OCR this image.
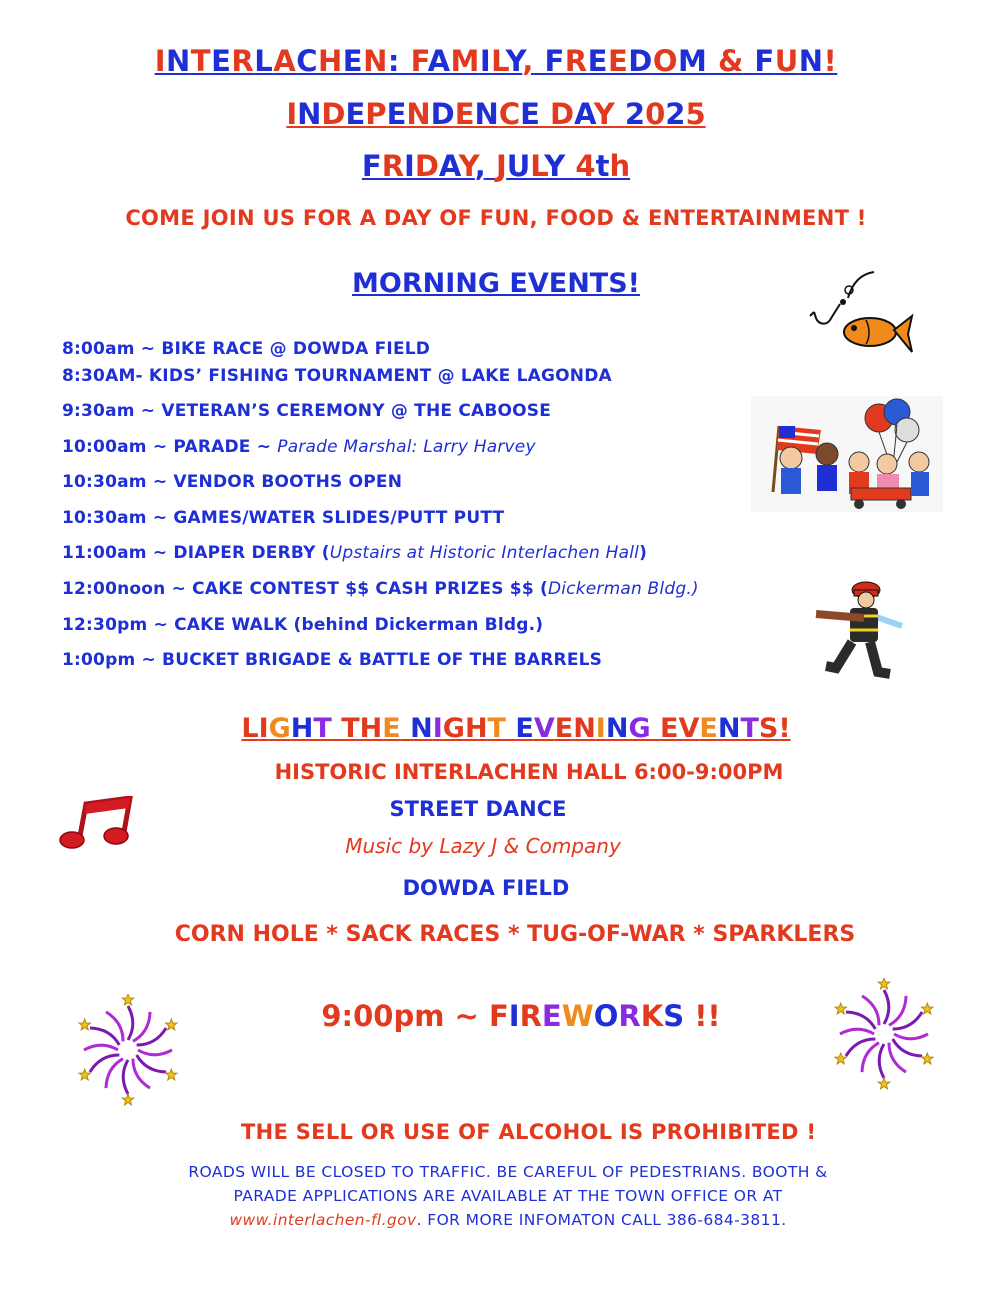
INTERLACHEN: FAMILY, FREEDOM & FUN!
INDEPENDENCE DAY 2025
FRIDAY, JULY 4th
COME JOIN US FOR A DAY OF FUN, FOOD & ENTERTAINMENT !
MORNING EVENTS!
8:00am ~ BIKE RACE @ DOWDA FIELD
8:30AM- KIDS’ FISHING TOURNAMENT @ LAKE LAGONDA
9:30am ~ VETERAN’S CEREMONY @ THE CABOOSE
10:00am ~ PARADE ~ Parade Marshal: Larry Harvey
10:30am ~ VENDOR BOOTHS OPEN
10:30am ~ GAMES/WATER SLIDES/PUTT PUTT
11:00am ~ DIAPER DERBY (Upstairs at Historic Interlachen Hall)
12:00noon ~ CAKE CONTEST $$ CASH PRIZES $$ (Dickerman Bldg.)
12:30pm ~ CAKE WALK (behind Dickerman Bldg.)
1:00pm ~ BUCKET BRIGADE & BATTLE OF THE BARRELS
LIGHT THE NIGHT EVENING EVENTS!
HISTORIC INTERLACHEN HALL 6:00-9:00PM
STREET DANCE
Music by Lazy J & Company
DOWDA FIELD
CORN HOLE * SACK RACES * TUG-OF-WAR * SPARKLERS
9:00pm ~ FIREWORKS !!
THE SELL OR USE OF ALCOHOL IS PROHIBITED !
ROADS WILL BE CLOSED TO TRAFFIC. BE CAREFUL OF PEDESTRIANS. BOOTH &
PARADE APPLICATIONS ARE AVAILABLE AT THE TOWN OFFICE OR AT
www.interlachen-fl.gov. FOR MORE INFOMATON CALL 386-684-3811.
